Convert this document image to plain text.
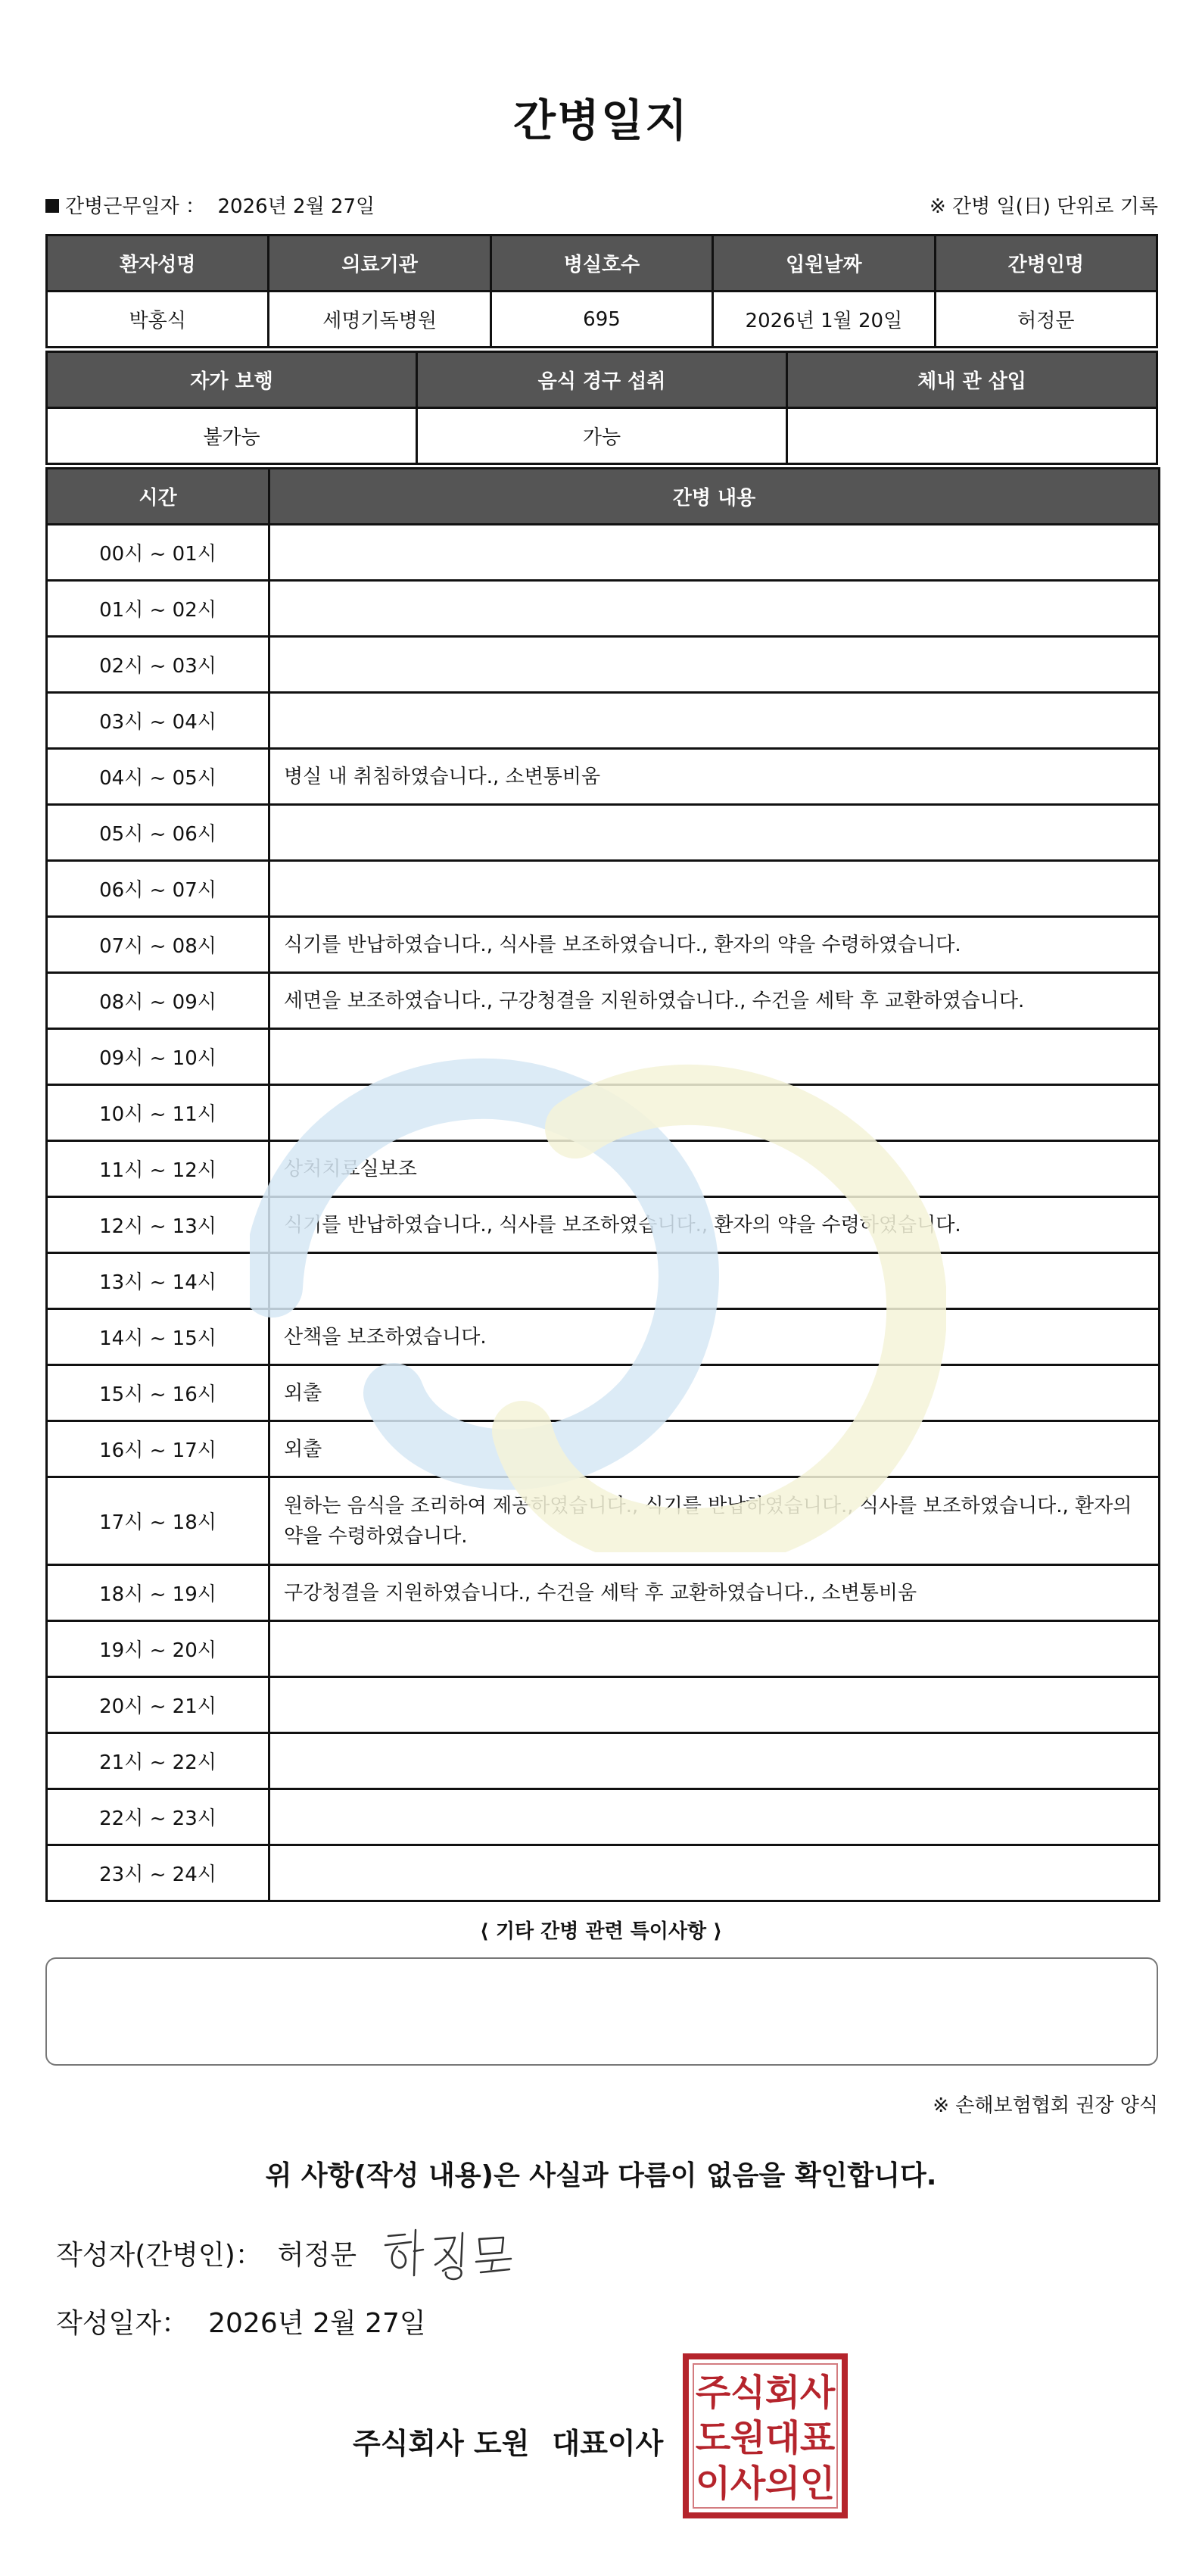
간병일지
간병근무일자 ： 2026년 2월 27일	※ 간병 일(日) 단위로 기록
환자성명	의료기관	병실호수	입원날짜	간병인명
박홍식	세명기독병원	695	2026년 1월 20일	허정문
자가 보행	음식 경구 섭취	체내 관 삽입
불가능	가능	
시간	간병 내용
00시 ~ 01시	
01시 ~ 02시	
02시 ~ 03시	
03시 ~ 04시	
04시 ~ 05시	병실 내 취침하였습니다., 소변통비움
05시 ~ 06시	
06시 ~ 07시	
07시 ~ 08시	식기를 반납하였습니다., 식사를 보조하였습니다., 환자의 약을 수령하였습니다.
08시 ~ 09시	세면을 보조하였습니다., 구강청결을 지원하였습니다., 수건을 세탁 후 교환하였습니다.
09시 ~ 10시	
10시 ~ 11시	
11시 ~ 12시	상처치료실보조
12시 ~ 13시	식기를 반납하였습니다., 식사를 보조하였습니다., 환자의 약을 수령하였습니다.
13시 ~ 14시	
14시 ~ 15시	산책을 보조하였습니다.
15시 ~ 16시	외출
16시 ~ 17시	외출
17시 ~ 18시	원하는 음식을 조리하여 제공하였습니다., 식기를 반납하였습니다., 식사를 보조하였습니다., 환자의 약을 수령하였습니다.
18시 ~ 19시	구강청결을 지원하였습니다., 수건을 세탁 후 교환하였습니다., 소변통비움
19시 ~ 20시	
20시 ~ 21시	
21시 ~ 22시	
22시 ~ 23시	
23시 ~ 24시	
⟨ 기타 간병 관련 특이사항 ⟩
※ 손해보험협회 권장 양식
위 사항(작성 내용)은 사실과 다름이 없음을 확인합니다.
작성자(간병인)： 허정문
작성일자： 2026년 2월 27일
주식회사 도원 대표이사
주 식 회 사
도 원 대 표
이 사 의 인
